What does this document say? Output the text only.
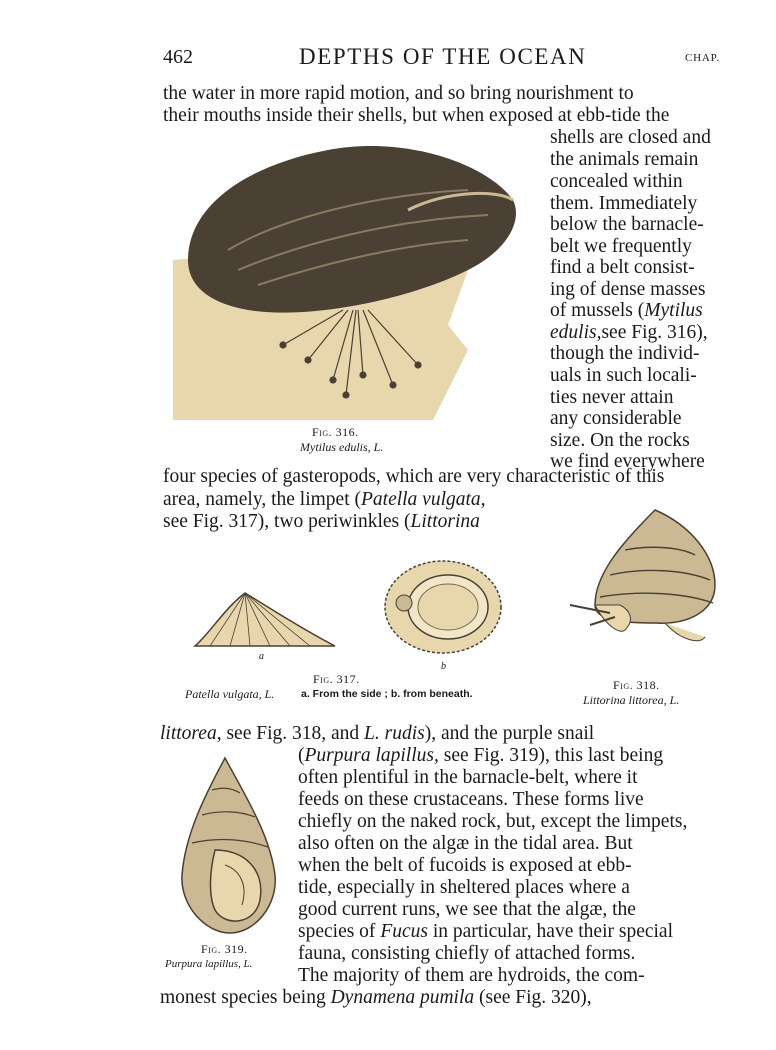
462	DEPTHS OF THE OCEAN	CHAP.
the water in more rapid motion, and so bring nourishment to
their mouths inside their shells, but when exposed at ebb-tide the
shells are closed and
the animals remain
concealed within
them. Immediately
below the barnacle-
belt we frequently
find a belt consist-
ing of dense masses
of mussels (Mytilus
edulis,see Fig. 316),
though the individ-
uals in such locali-
ties never attain
any considerable
size. On the rocks
we find everywhere
Fig. 316.
Mytilus edulis, L.
four species of gasteropods, which are very characteristic of this
area, namely, the limpet (Patella vulgata,
see Fig. 317), two periwinkles (Littorina
a
b
Fig. 317.
Patella vulgata, L.	a. From the side ; b. from beneath.
Fig. 318.
Littorina littorea, L.
littorea, see Fig. 318, and L. rudis), and the purple snail
(Purpura lapillus, see Fig. 319), this last being
often plentiful in the barnacle-belt, where it
feeds on these crustaceans. These forms live
chiefly on the naked rock, but, except the limpets,
also often on the algæ in the tidal area. But
when the belt of fucoids is exposed at ebb-
tide, especially in sheltered places where a
good current runs, we see that the algæ, the
species of Fucus in particular, have their special
fauna, consisting chiefly of attached forms.
The majority of them are hydroids, the com-
monest species being Dynamena pumila (see Fig. 320),
Fig. 319.
Purpura lapillus, L.
